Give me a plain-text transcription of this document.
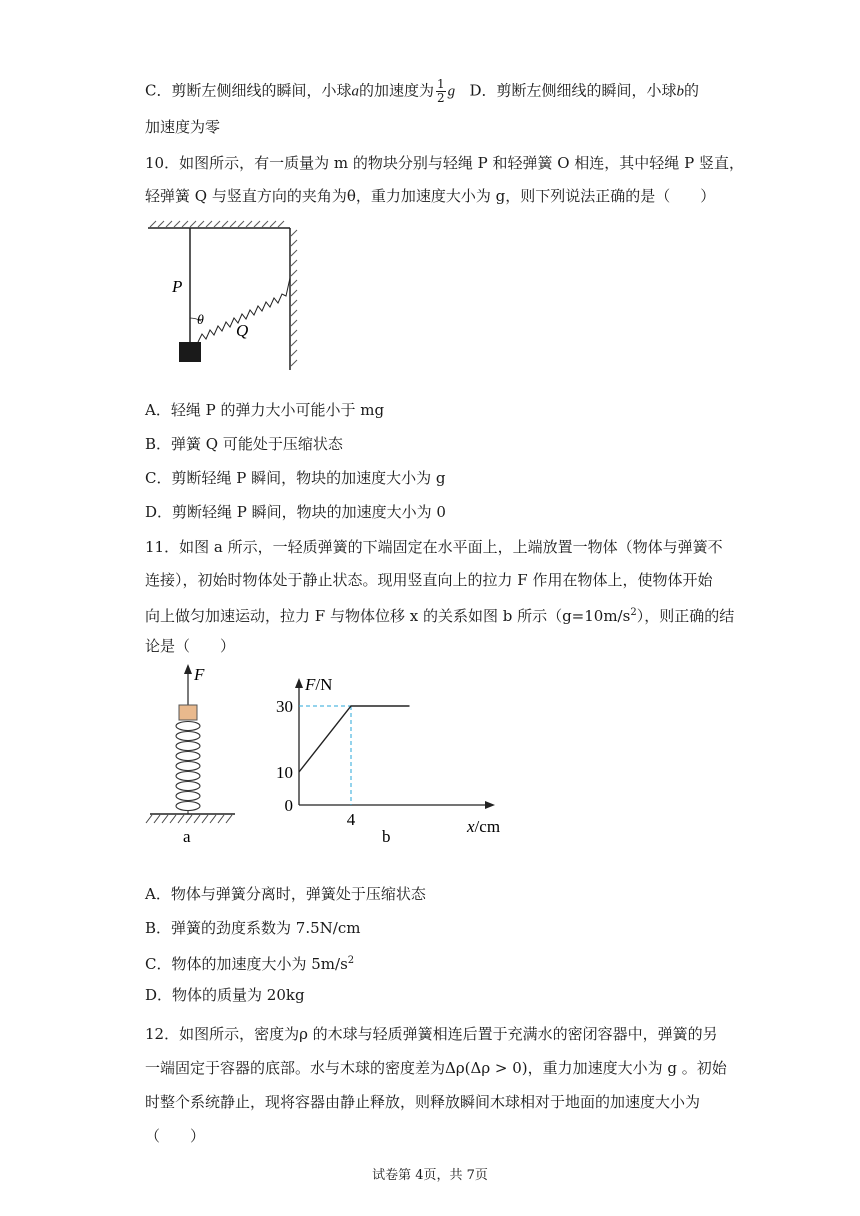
C．剪断左侧细线的瞬间，小球a的加速度为 $\frac{1}{2}$ g D．剪断左侧细线的瞬间，小球b的
加速度为零
10．如图所示，有一质量为 m 的物块分别与轻绳 P 和轻弹簧 O 相连，其中轻绳 P 竖直，
轻弹簧 Q 与竖直方向的夹角为θ，重力加速度大小为 g，则下列说法正确的是（　　）
P
θ
Q
A．轻绳 P 的弹力大小可能小于 mg
B．弹簧 Q 可能处于压缩状态
C．剪断轻绳 P 瞬间，物块的加速度大小为 g
D．剪断轻绳 P 瞬间，物块的加速度大小为 0
11．如图 a 所示，一轻质弹簧的下端固定在水平面上，上端放置一物体（物体与弹簧不
连接），初始时物体处于静止状态。现用竖直向上的拉力 F 作用在物体上，使物体开始
向上做匀加速运动，拉力 F 与物体位移 x 的关系如图 b 所示$(g=10m/s^2)$，则正确的结
论是（　　）
F
a
0
10
30
4
F/N
x/cm
b
A．物体与弹簧分离时，弹簧处于压缩状态
B．弹簧的劲度系数为 7.5N/cm
C．物体的加速度大小为 $5m/s^2$
D．物体的质量为 20kg
12．如图所示，密度为ρ 的木球与轻质弹簧相连后置于充满水的密闭容器中，弹簧的另
一端固定于容器的底部。水与木球的密度差为Δρ(Δρ > 0)，重力加速度大小为 g 。初始
时整个系统静止，现将容器由静止释放，则释放瞬间木球相对于地面的加速度大小为
（　　）
试卷第 4页，共 7页
